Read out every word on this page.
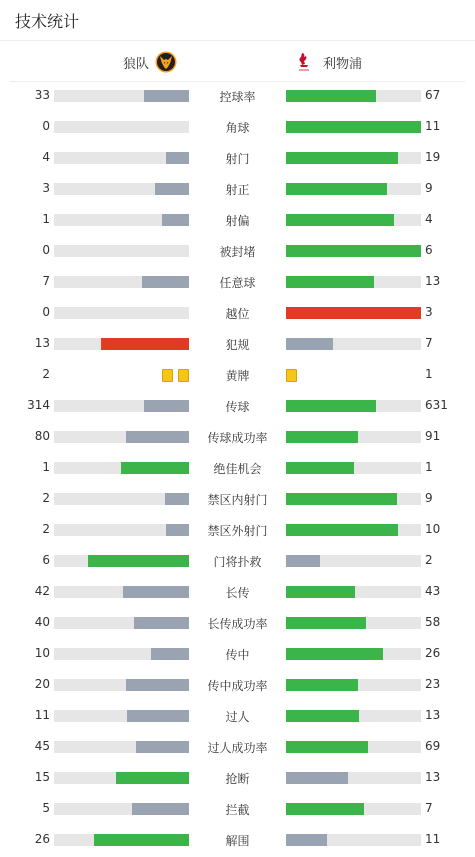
技术统计
狼队	利物浦
33	控球率	67
0	角球	11
4	射门	19
3	射正	9
1	射偏	4
0	被封堵	6
7	任意球	13
0	越位	3
13	犯规	7
2	黄牌	1
314	传球	631
80	传球成功率	91
1	绝佳机会	1
2	禁区内射门	9
2	禁区外射门	10
6	门将扑救	2
42	长传	43
40	长传成功率	58
10	传中	26
20	传中成功率	23
11	过人	13
45	过人成功率	69
15	抢断	13
5	拦截	7
26	解围	11
